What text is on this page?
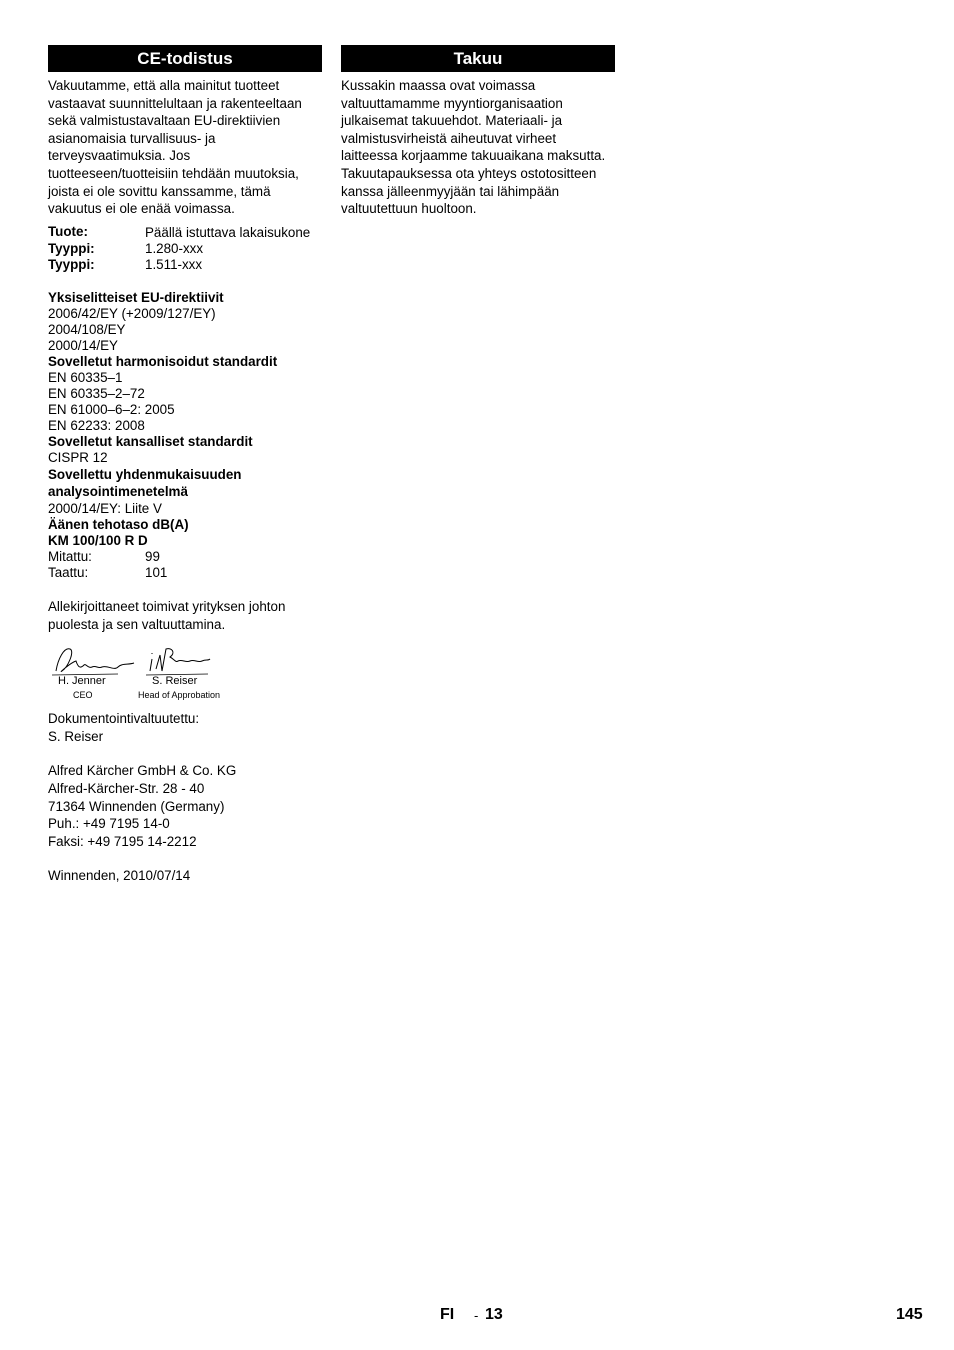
CE-todistus

Vakuutamme, että alla mainitut tuotteet vastaavat suunnittelultaan ja rakenteeltaan sekä valmistustavaltaan EU-direktiivien asianomaisia turvallisuus- ja terveysvaatimuksia. Jos tuotteeseen/tuotteisiin tehdään muutoksia, joista ei ole sovittu kanssamme, tämä vakuutus ei ole enää voimassa.

Tuote:	Päällä istuttava lakaisukone
Tyyppi:	1.280-xxx
Tyyppi:	1.511-xxx
Yksiselitteiset EU-direktiivit
2006/42/EY (+2009/127/EY)
2004/108/EY
2000/14/EY
Sovelletut harmonisoidut standardit
EN 60335–1
EN 60335–2–72
EN 61000–6–2: 2005
EN 62233: 2008
Sovelletut kansalliset standardit
CISPR 12
Sovellettu yhdenmukaisuuden analysointimenetelmä
2000/14/EY: Liite V
Äänen tehotaso dB(A)
KM 100/100 R D
Mitattu:	99
Taattu:	101

Allekirjoittaneet toimivat yrityksen johton puolesta ja sen valtuuttamina.

H. Jenner
CEO
S. Reiser
Head of Approbation
Dokumentointivaltuutettu:
S. Reiser
Alfred Kärcher GmbH & Co. KG
Alfred-Kärcher-Str. 28 - 40
71364 Winnenden (Germany)
Puh.: +49 7195 14-0
Faksi: +49 7195 14-2212
Winnenden, 2010/07/14
Takuu

Kussakin maassa ovat voimassa valtuuttamamme myyntiorganisaation julkaisemat takuuehdot. Materiaali- ja valmistusvirheistä aiheutuvat virheet laitteessa korjaamme takuuaikana maksutta. Takuutapauksessa ota yhteys ostotositteen kanssa jälleenmyyjään tai lähimpään valtuutettuun huoltoon.

FI - 13	145
